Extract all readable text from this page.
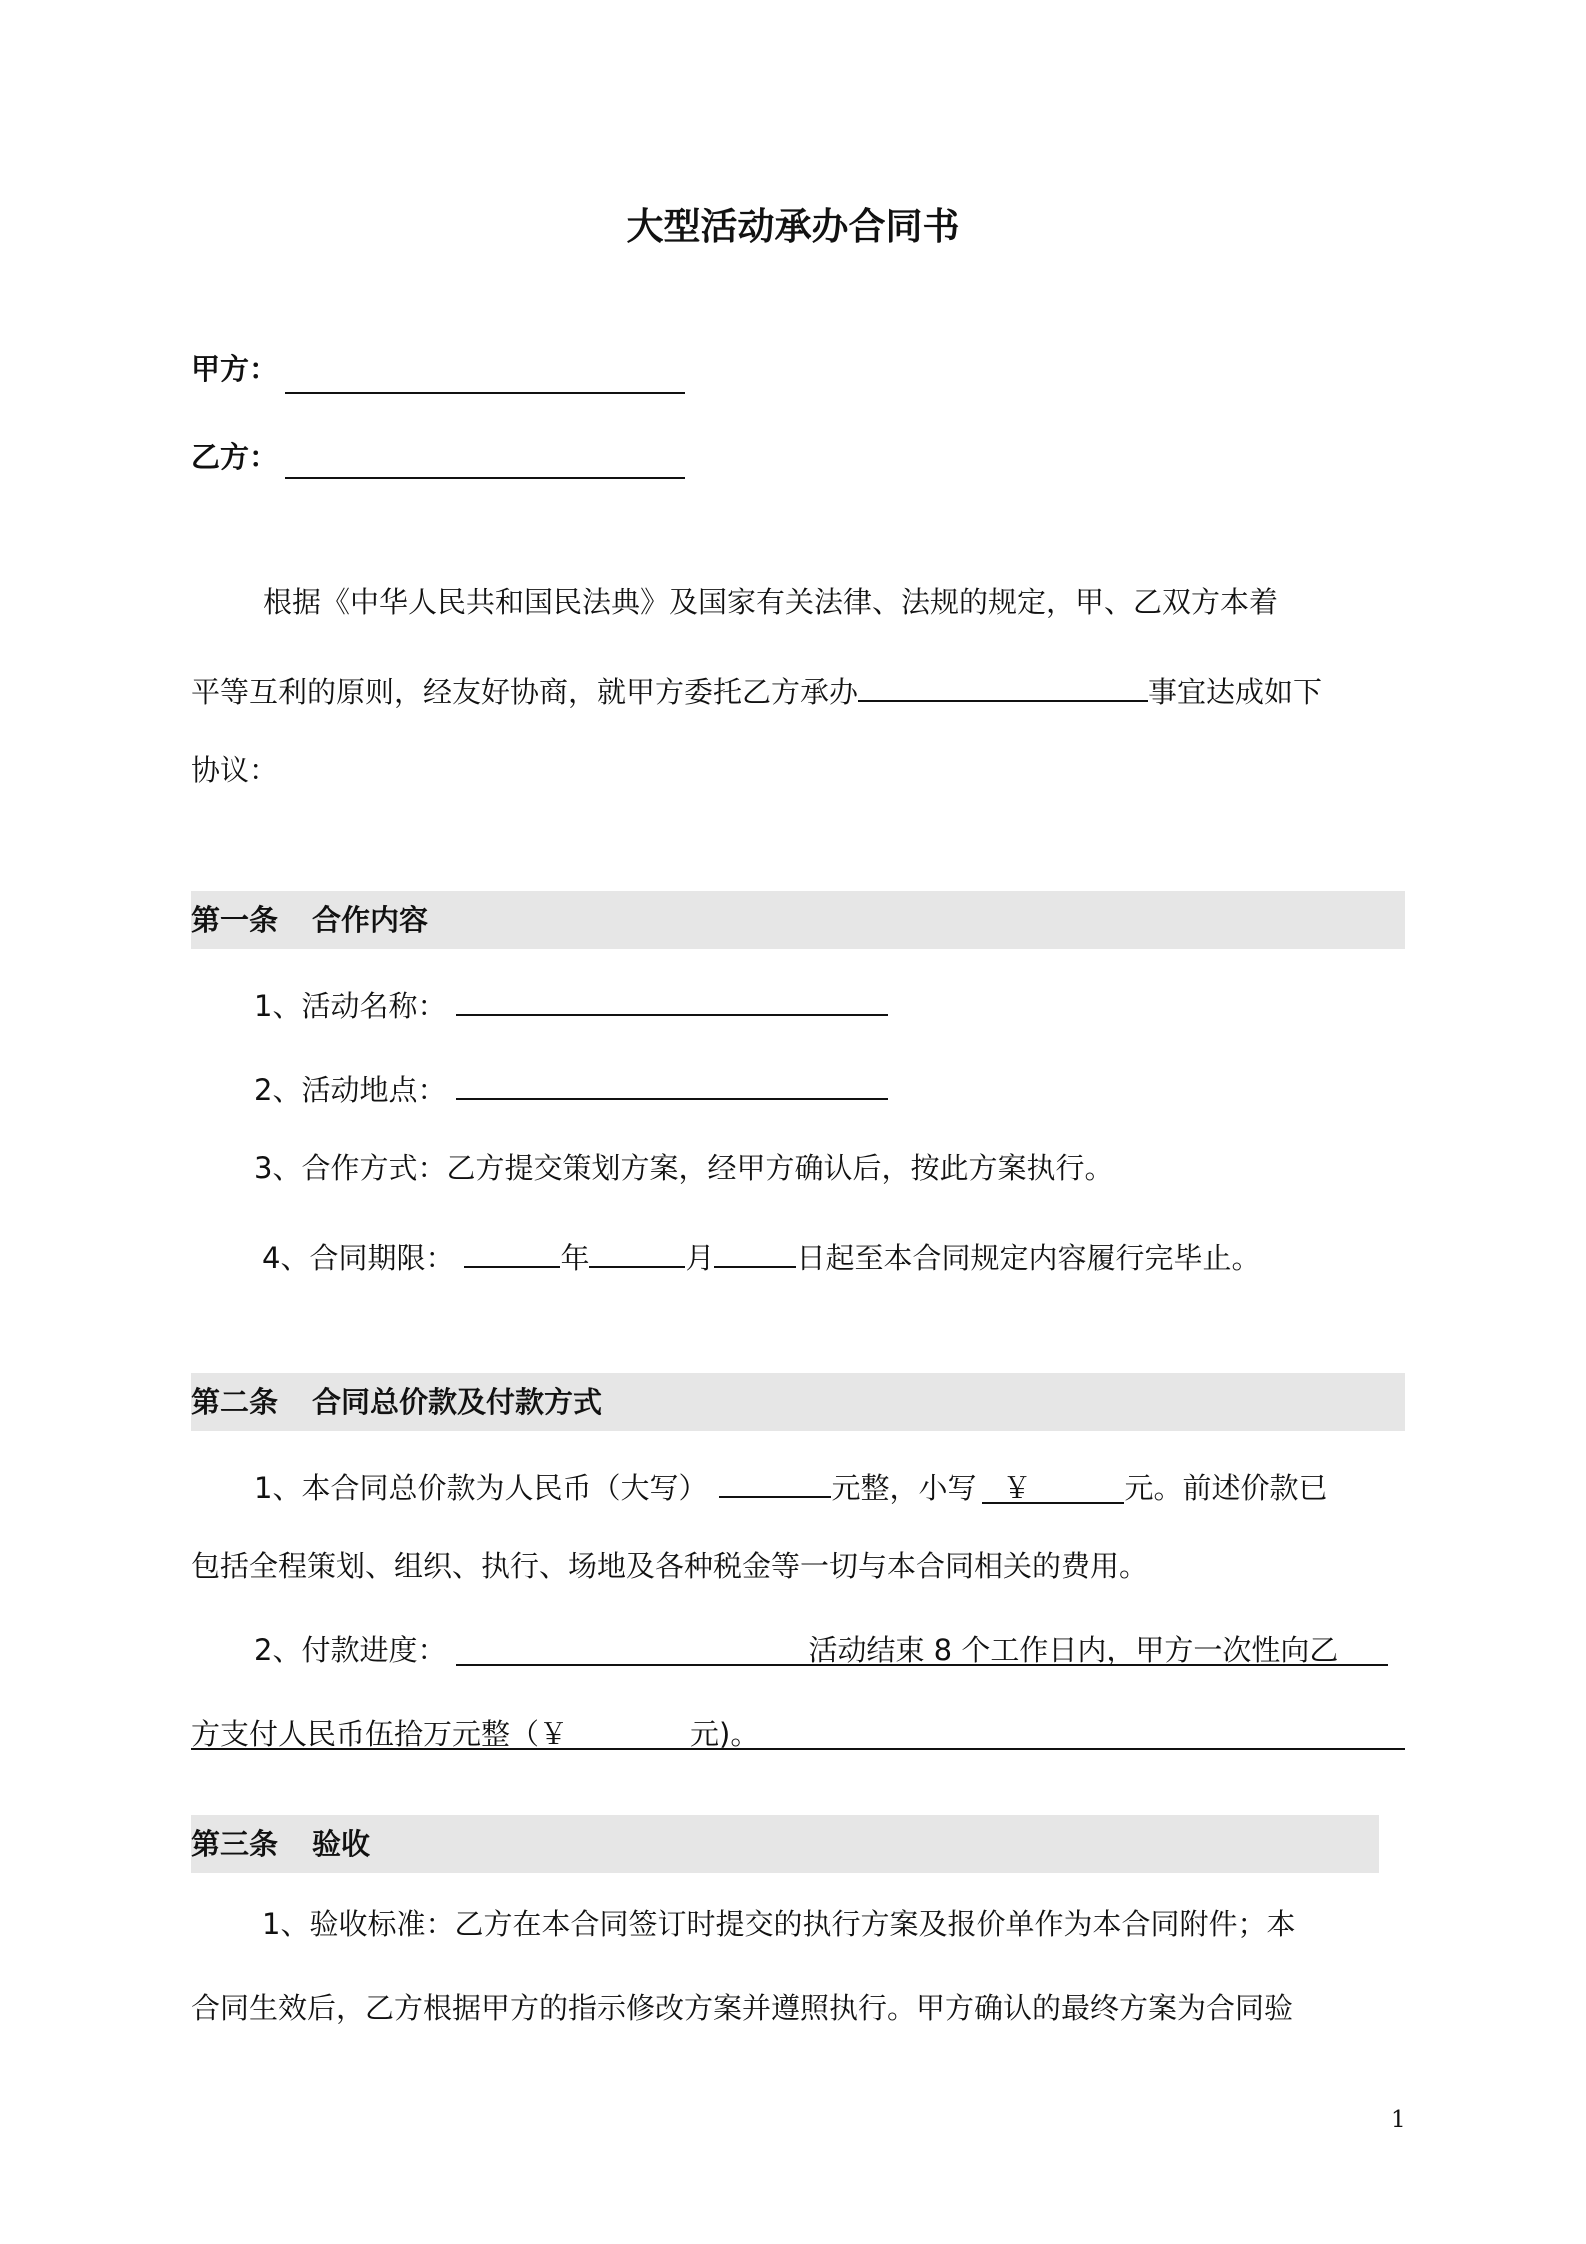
大型活动承办合同书
甲方：
乙方：
根据《中华人民共和国民法典》及国家有关法律、法规的规定，甲、乙双方本着
平等互利的原则，经友好协商，就甲方委托乙方承办	事宜达成如下
协议：
第一条 合作内容
1、活动名称：
2、活动地点：
3、合作方式：乙方提交策划方案，经甲方确认后，按此方案执行。
4、合同期限：	年	月	日起至本合同规定内容履行完毕止。
第二条 合同总价款及付款方式
1、本合同总价款为人民币（大写）	元整，小写 ￥	元。前述价款已
包括全程策划、组织、执行、场地及各种税金等一切与本合同相关的费用。
2、付款进度：	活动结束 8 个工作日内，甲方一次性向乙
方支付人民币伍拾万元整（￥	元)。
第三条 验收
1、验收标准：乙方在本合同签订时提交的执行方案及报价单作为本合同附件；本
合同生效后，乙方根据甲方的指示修改方案并遵照执行。甲方确认的最终方案为合同验
1
